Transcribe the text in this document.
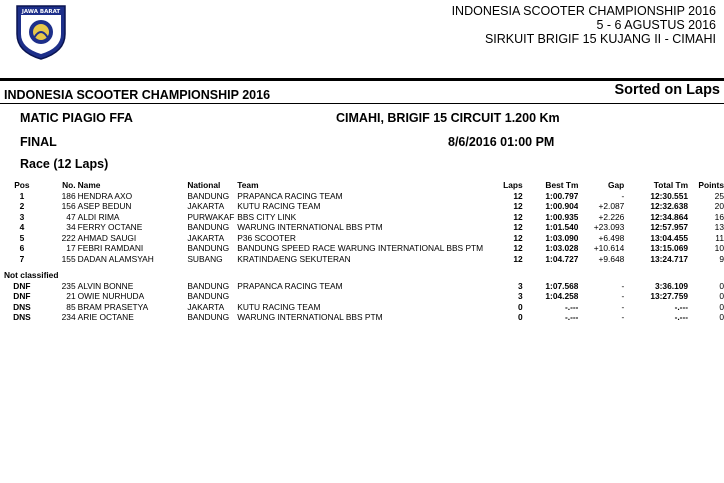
JAWA BARAT	INDONESIA SCOOTER CHAMPIONSHIP 2016
5 - 6 AGUSTUS 2016
SIRKUIT BRIGIF 15 KUJANG II - CIMAHI
INDONESIA SCOOTER CHAMPIONSHIP 2016	Sorted on Laps
MATIC PIAGIO FFA	CIMAHI, BRIGIF 15 CIRCUIT 1.200 Km
FINAL	8/6/2016 01:00 PM
Race (12 Laps)
Pos	No.	Name	National	Team	Laps	Best Tm	Gap	Total Tm	Points
1	186	HENDRA AXO	BANDUNG	PRAPANCA RACING TEAM	12	1:00.797	-	12:30.551	25
2	156	ASEP BEDUN	JAKARTA	KUTU RACING TEAM	12	1:00.904	+2.087	12:32.638	20
3	47	ALDI RIMA	PURWAKAF	BBS CITY LINK	12	1:00.935	+2.226	12:34.864	16
4	34	FERRY OCTANE	BANDUNG	WARUNG INTERNATIONAL BBS PTM	12	1:01.540	+23.093	12:57.957	13
5	222	AHMAD SAUGI	JAKARTA	P36 SCOOTER	12	1:03.090	+6.498	13:04.455	11
6	17	FEBRI RAMDANI	BANDUNG	BANDUNG SPEED RACE WARUNG INTERNATIONAL BBS PTM	12	1:03.028	+10.614	13:15.069	10
7	155	DADAN ALAMSYAH	SUBANG	KRATINDAENG SEKUTERAN	12	1:04.727	+9.648	13:24.717	9

Not classified									
DNF	235	ALVIN BONNE	BANDUNG	PRAPANCA RACING TEAM	3	1:07.568	-	3:36.109	0
DNF	21	OWIE NURHUDA	BANDUNG		3	1:04.258	-	13:27.759	0
DNS	85	BRAM PRASETYA	JAKARTA	KUTU RACING TEAM	0	-.---	-	-.---	0
DNS	234	ARIE OCTANE	BANDUNG	WARUNG INTERNATIONAL BBS PTM	0	-.---	-	-.---	0
